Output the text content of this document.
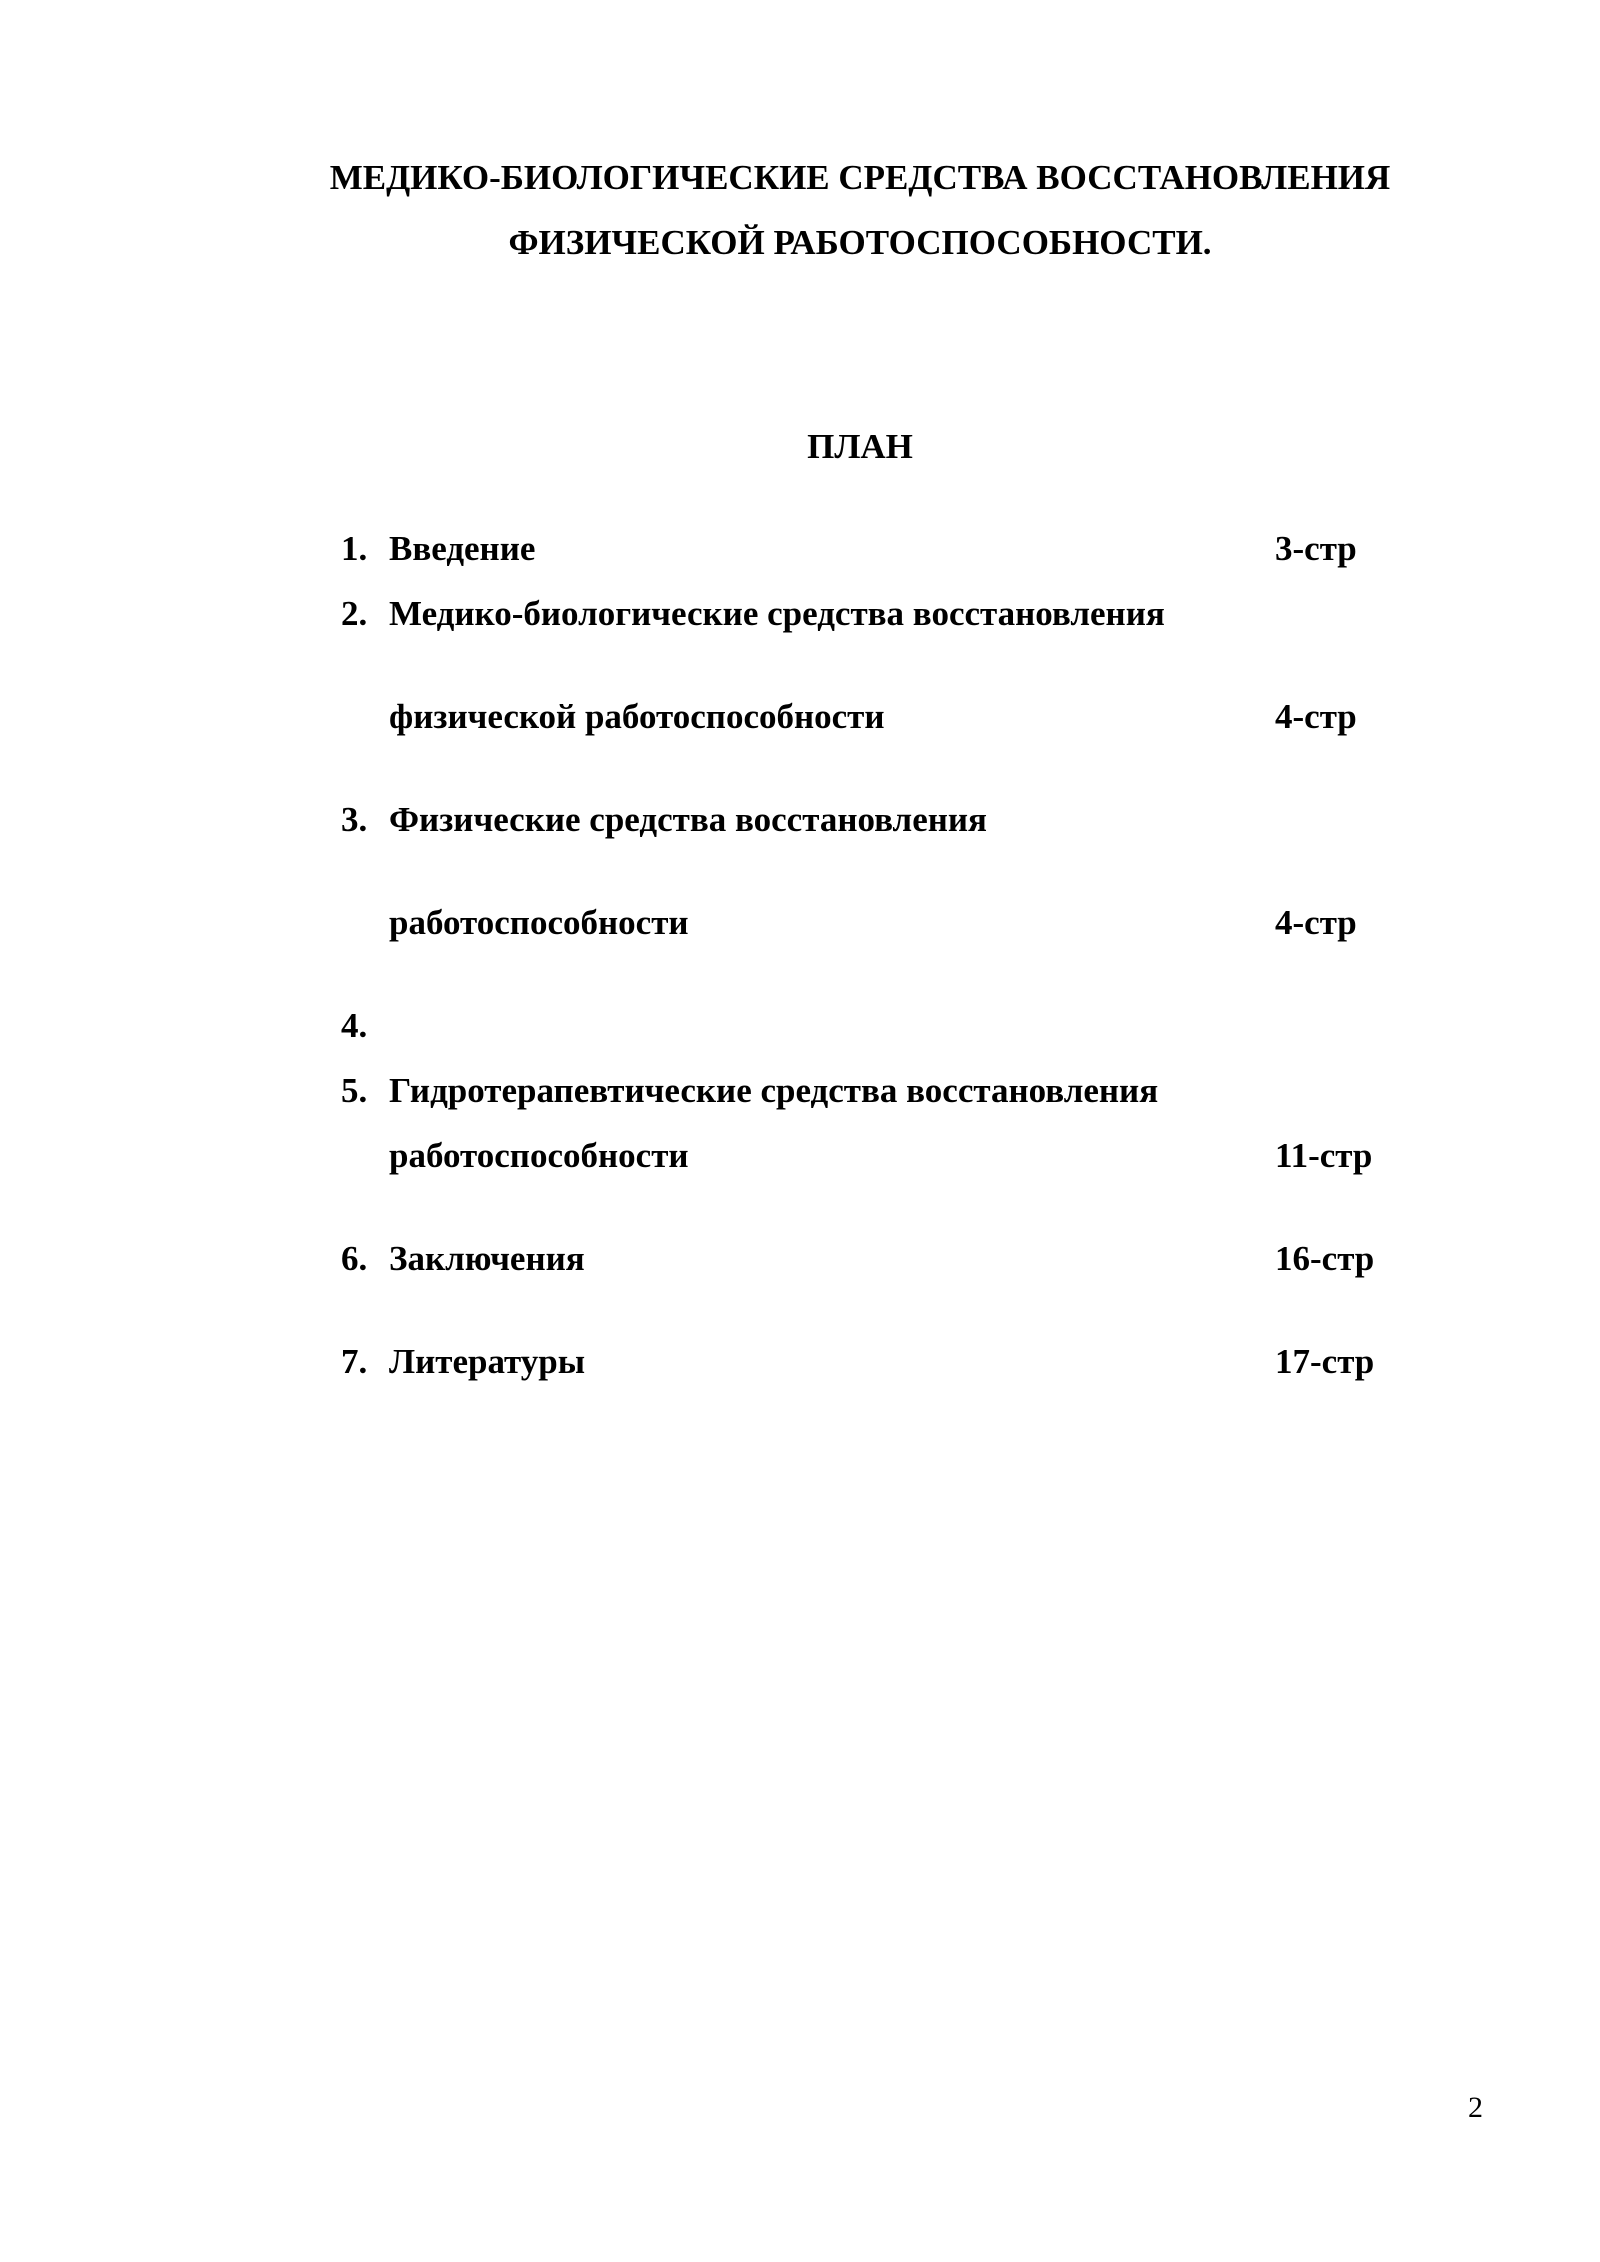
МЕДИКО-БИОЛОГИЧЕСКИЕ СРЕДСТВА ВОССТАНОВЛЕНИЯ
ФИЗИЧЕСКОЙ РАБОТОСПОСОБНОСТИ.
ПЛАН
1. Введение	3-стр
2. Медико-биологические средства восстановления
физической работоспособности	4-стр
3. Физические средства восстановления
работоспособности	4-стр
4.
5. Гидротерапевтические средства восстановления
работоспособности	11-стр
6. Заключения	16-стр
7. Литературы	17-стр
2
